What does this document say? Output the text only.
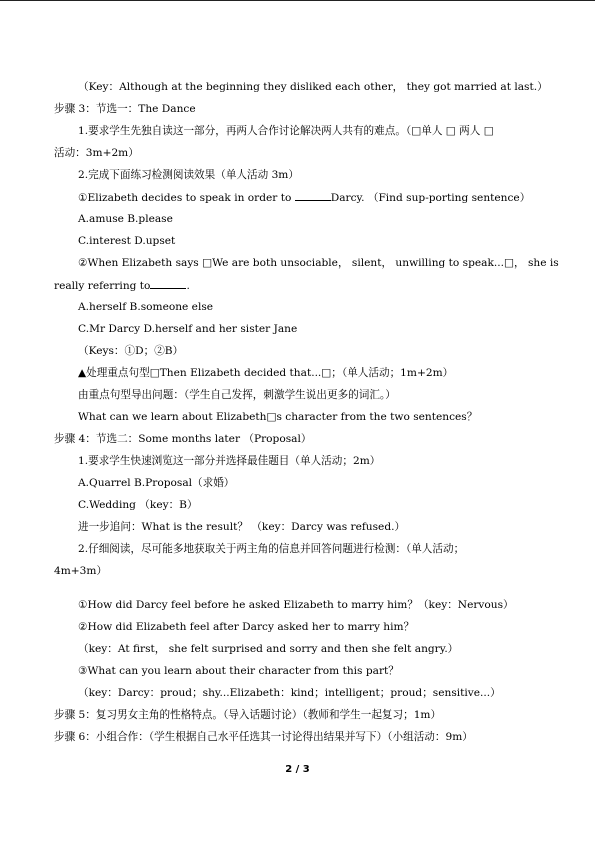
（Key：Although at the beginning they disliked each other， they got married at last.）
步骤 3：节选一：The Dance
1.要求学生先独自读这一部分，再两人合作讨论解决两人共有的难点。（□单人 □ 两人 □
活动：3m+2m）
2.完成下面练习检测阅读效果（单人活动 3m）
①Elizabeth decides to speak in order to	Darcy. （Find sup-porting sentence）
A.amuse B.please
C.interest D.upset
②When Elizabeth says □We are both unsociable， silent， unwilling to speak...□， she is
really referring to	.
A.herself B.someone else
C.Mr Darcy D.herself and her sister Jane
（Keys：①D；②B）
▲处理重点句型□Then Elizabeth decided that...□；（单人活动；1m+2m）
由重点句型导出问题：（学生自己发挥，刺激学生说出更多的词汇。）
What can we learn about Elizabeth□s character from the two sentences？
步骤 4：节选二：Some months later （Proposal）
1.要求学生快速浏览这一部分并选择最佳题目（单人活动；2m）
A.Quarrel B.Proposal（求婚）
C.Wedding （key：B）
进一步追问：What is the result？ （key：Darcy was refused.）
2.仔细阅读，尽可能多地获取关于两主角的信息并回答问题进行检测：（单人活动；
4m+3m）
①How did Darcy feel before he asked Elizabeth to marry him？（key：Nervous）
②How did Elizabeth feel after Darcy asked her to marry him？
（key：At first， she felt surprised and sorry and then she felt angry.）
③What can you learn about their character from this part？
（key：Darcy：proud；shy...Elizabeth：kind；intelligent；proud；sensitive...）
步骤 5：复习男女主角的性格特点。（导入话题讨论）（教师和学生一起复习；1m）
步骤 6：小组合作：（学生根据自己水平任选其一讨论得出结果并写下）（小组活动：9m）
2 / 3
